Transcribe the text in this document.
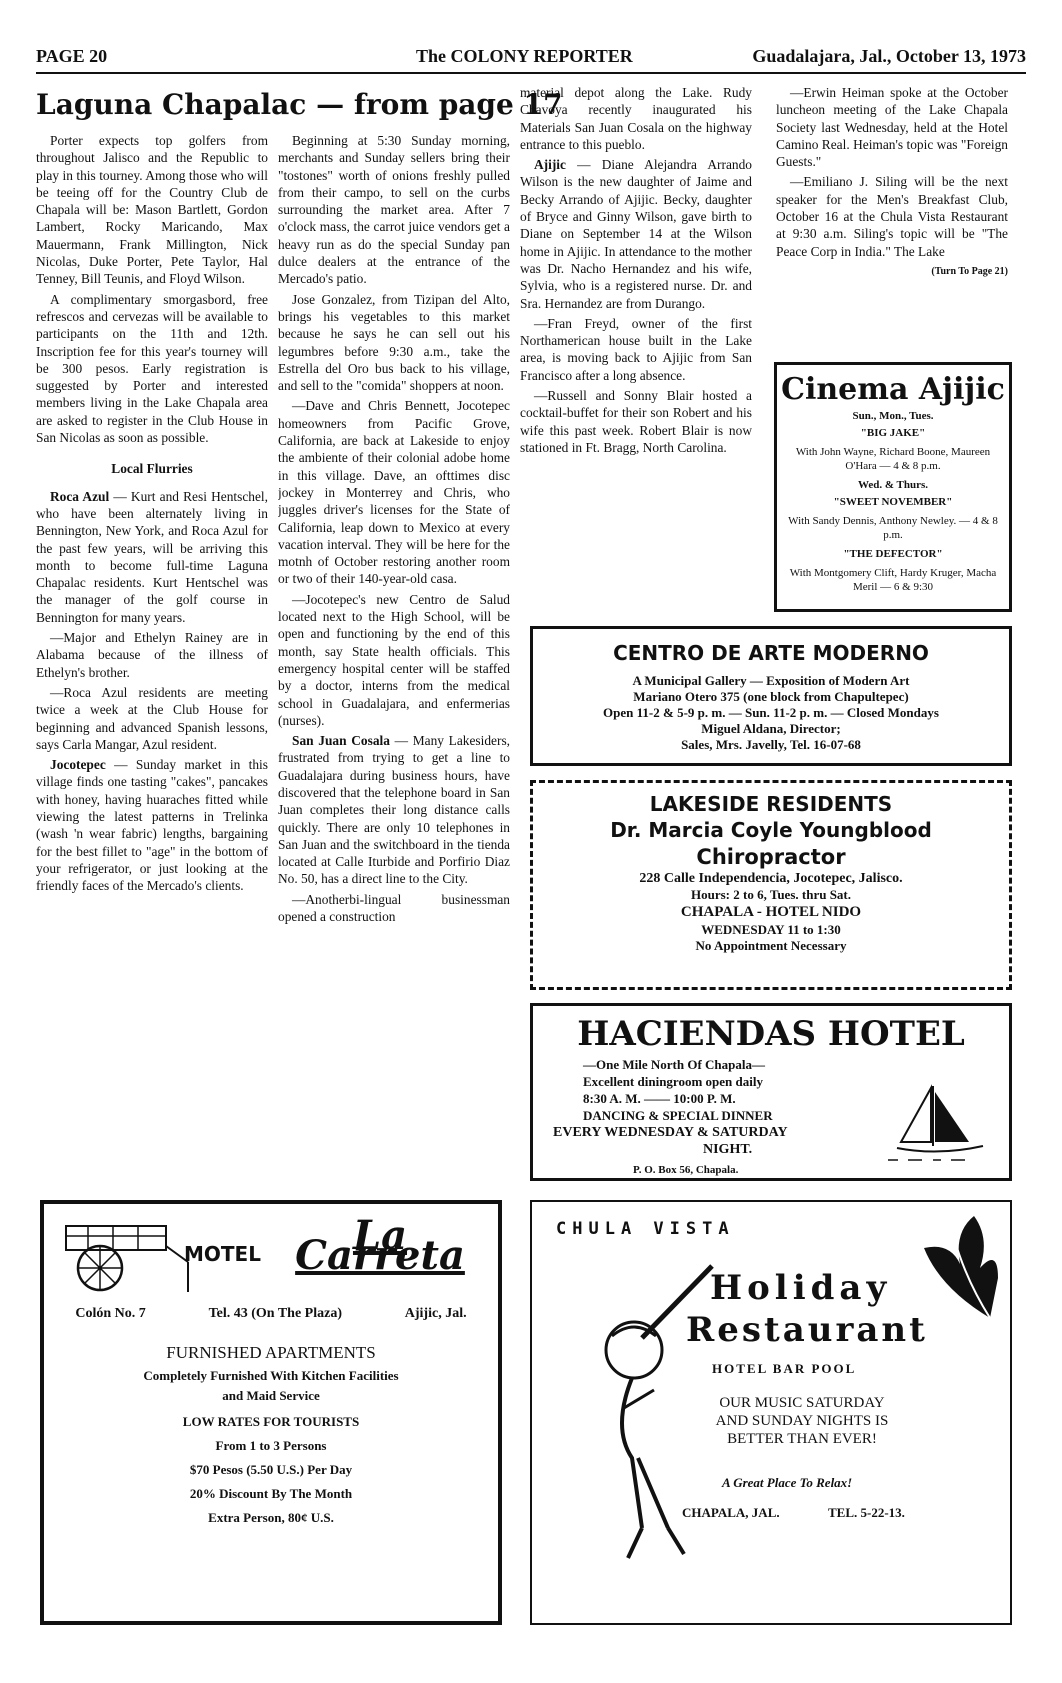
PAGE 20	The COLONY REPORTER	Guadalajara, Jal., October 13, 1973
Laguna Chapalac — from page 17

Porter expects top golfers from throughout Jalisco and the Republic to play in this tourney. Among those who will be teeing off for the Country Club de Chapala will be: Mason Bartlett, Gordon Lambert, Rocky Maricando, Max Mauermann, Frank Millington, Nick Nicolas, Duke Porter, Pete Taylor, Hal Tenney, Bill Teunis, and Floyd Wilson.

A complimentary smorgasbord, free refrescos and cervezas will be available to participants on the 11th and 12th. Inscription fee for this year's tourney will be 300 pesos. Early registration is suggested by Porter and interested members living in the Lake Chapala area are asked to register in the Club House in San Nicolas as soon as possible.

Local Flurries

Roca Azul — Kurt and Resi Hentschel, who have been alternately living in Bennington, New York, and Roca Azul for the past few years, will be arriving this month to become full-time Laguna Chapalac residents. Kurt Hentschel was the manager of the golf course in Bennington for many years.

—Major and Ethelyn Rainey are in Alabama because of the illness of Ethelyn's brother.

—Roca Azul residents are meeting twice a week at the Club House for beginning and advanced Spanish lessons, says Carla Mangar, Azul resident.

Jocotepec — Sunday market in this village finds one tasting "cakes", pancakes with honey, having huaraches fitted while viewing the latest patterns in Trelinka (wash 'n wear fabric) lengths, bargaining for the best fillet to "age" in the bottom of your refrigerator, or just looking at the friendly faces of the Mercado's clients.

Beginning at 5:30 Sunday morning, merchants and Sunday sellers bring their "tostones" worth of onions freshly pulled from their campo, to sell on the curbs surrounding the market area. After 7 o'clock mass, the carrot juice vendors get a heavy run as do the special Sunday pan dulce dealers at the entrance of the Mercado's patio.

Jose Gonzalez, from Tizipan del Alto, brings his vegetables to this market because he says he can sell out his legumbres before 9:30 a.m., take the Estrella del Oro bus back to his village, and sell to the "comida" shoppers at noon.

—Dave and Chris Bennett, Jocotepec homeowners from Pacific Grove, California, are back at Lakeside to enjoy the ambiente of their colonial adobe home in this village. Dave, an ofttimes disc jockey in Monterrey and Chris, who juggles driver's licenses for the State of California, leap down to Mexico at every vacation interval. They will be here for the motnh of October restoring another room or two of their 140-year-old casa.

—Jocotepec's new Centro de Salud located next to the High School, will be open and functioning by the end of this month, say State health officials. This emergency hospital center will be staffed by a doctor, interns from the medical school in Guadalajara, and enfermerias (nurses).

San Juan Cosala — Many Lakesiders, frustrated from trying to get a line to Guadalajara during business hours, have discovered that the telephone board in San Juan completes their long distance calls quickly. There are only 10 telephones in San Juan and the switchboard in the tienda located at Calle Iturbide and Porfirio Diaz No. 50, has a direct line to the City.

—Anotherbi-lingual businessman opened a construction

material depot along the Lake. Rudy Chavoya recently inaugurated his Materials San Juan Cosala on the highway entrance to this pueblo.

Ajijic — Diane Alejandra Arrando Wilson is the new daughter of Jaime and Becky Arrando of Ajijic. Becky, daughter of Bryce and Ginny Wilson, gave birth to Diane on September 14 at the Wilson home in Ajijic. In attendance to the mother was Dr. Nacho Hernandez and his wife, Sylvia, who is a registered nurse. Dr. and Sra. Hernandez are from Durango.

—Fran Freyd, owner of the first Northamerican house built in the Lake area, is moving back to Ajijic from San Francisco after a long absence.

—Russell and Sonny Blair hosted a cocktail-buffet for their son Robert and his wife this past week. Robert Blair is now stationed in Ft. Bragg, North Carolina.

—Erwin Heiman spoke at the October luncheon meeting of the Lake Chapala Society last Wednesday, held at the Hotel Camino Real. Heiman's topic was "Foreign Guests."

—Emiliano J. Siling will be the next speaker for the Men's Breakfast Club, October 16 at the Chula Vista Restaurant at 9:30 a.m. Siling's topic will be "The Peace Corp in India." The Lake

(Turn To Page 21)

Cinema Ajijic
Sun., Mon., Tues.
"BIG JAKE"
With John Wayne, Richard Boone, Maureen O'Hara — 4 & 8 p.m.
Wed. & Thurs.
"SWEET NOVEMBER"
With Sandy Dennis, Anthony Newley. — 4 & 8 p.m.
"THE DEFECTOR"
With Montgomery Clift, Hardy Kruger, Macha Meril — 6 & 9:30
CENTRO DE ARTE MODERNO
A Municipal Gallery — Exposition of Modern Art
Mariano Otero 375 (one block from Chapultepec)
Open 11-2 & 5-9 p. m. — Sun. 11-2 p. m. — Closed Mondays
Miguel Aldana, Director;
Sales, Mrs. Javelly, Tel. 16-07-68
LAKESIDE RESIDENTS
Dr. Marcia Coyle Youngblood
Chiropractor
228 Calle Independencia, Jocotepec, Jalisco.
Hours: 2 to 6, Tues. thru Sat.
CHAPALA - HOTEL NIDO
WEDNESDAY 11 to 1:30
No Appointment Necessary
HACIENDAS HOTEL
—One Mile North Of Chapala—
Excellent diningroom open daily
8:30 A. M. —— 10:00 P. M.
DANCING & SPECIAL DINNER
EVERY WEDNESDAY & SATURDAY
NIGHT.
P. O. Box 56, Chapala.
MOTEL	La Carreta
Colón No. 7	Tel. 43 (On The Plaza)	Ajijic, Jal.
FURNISHED APARTMENTS
Completely Furnished With Kitchen Facilities
and Maid Service
LOW RATES FOR TOURISTS
From 1 to 3 Persons
$70 Pesos (5.50 U.S.) Per Day
20% Discount By The Month
Extra Person, 80¢ U.S.
CHULA VISTA
Holiday
Restaurant
HOTEL BAR POOL
OUR MUSIC SATURDAY
AND SUNDAY NIGHTS IS
BETTER THAN EVER!
A Great Place To Relax!
CHAPALA, JAL.	TEL. 5-22-13.
